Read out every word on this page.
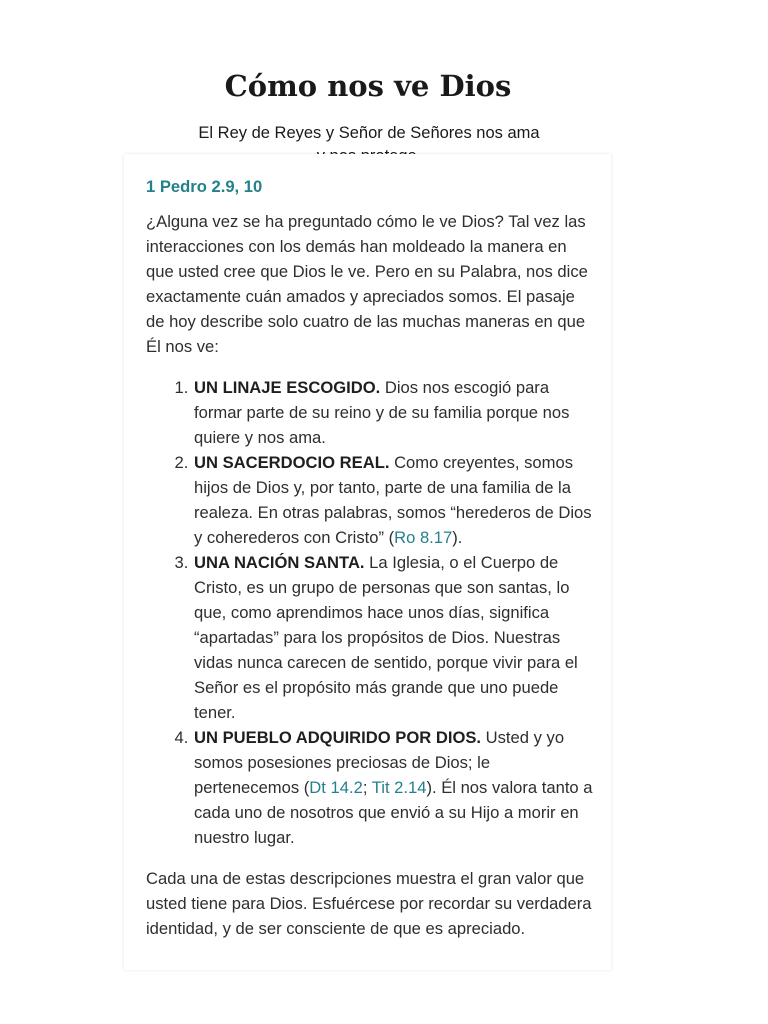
Cómo nos ve Dios
El Rey de Reyes y Señor de Señores nos ama

1 Pedro 2.9, 10

¿Alguna vez se ha preguntado cómo le ve Dios? Tal vez las interacciones con los demás han moldeado la manera en que usted cree que Dios le ve. Pero en su Palabra, nos dice exactamente cuán amados y apreciados somos. El pasaje de hoy describe solo cuatro de las muchas maneras en que Él nos ve:

1. UN LINAJE ESCOGIDO. Dios nos escogió para formar parte de su reino y de su familia porque nos quiere y nos ama.
2. UN SACERDOCIO REAL. Como creyentes, somos hijos de Dios y, por tanto, parte de una familia de la realeza. En otras palabras, somos “herederos de Dios y coherederos con Cristo” (Ro 8.17).
3. UNA NACIÓN SANTA. La Iglesia, o el Cuerpo de Cristo, es un grupo de personas que son santas, lo que, como aprendimos hace unos días, significa “apartadas” para los propósitos de Dios. Nuestras vidas nunca carecen de sentido, porque vivir para el Señor es el propósito más grande que uno puede tener.
4. UN PUEBLO ADQUIRIDO POR DIOS. Usted y yo somos posesiones preciosas de Dios; le pertenecemos (Dt 14.2; Tit 2.14). Él nos valora tanto a cada uno de nosotros que envió a su Hijo a morir en nuestro lugar.

Cada una de estas descripciones muestra el gran valor que usted tiene para Dios. Esfuércese por recordar su verdadera identidad, y de ser consciente de que es apreciado.
